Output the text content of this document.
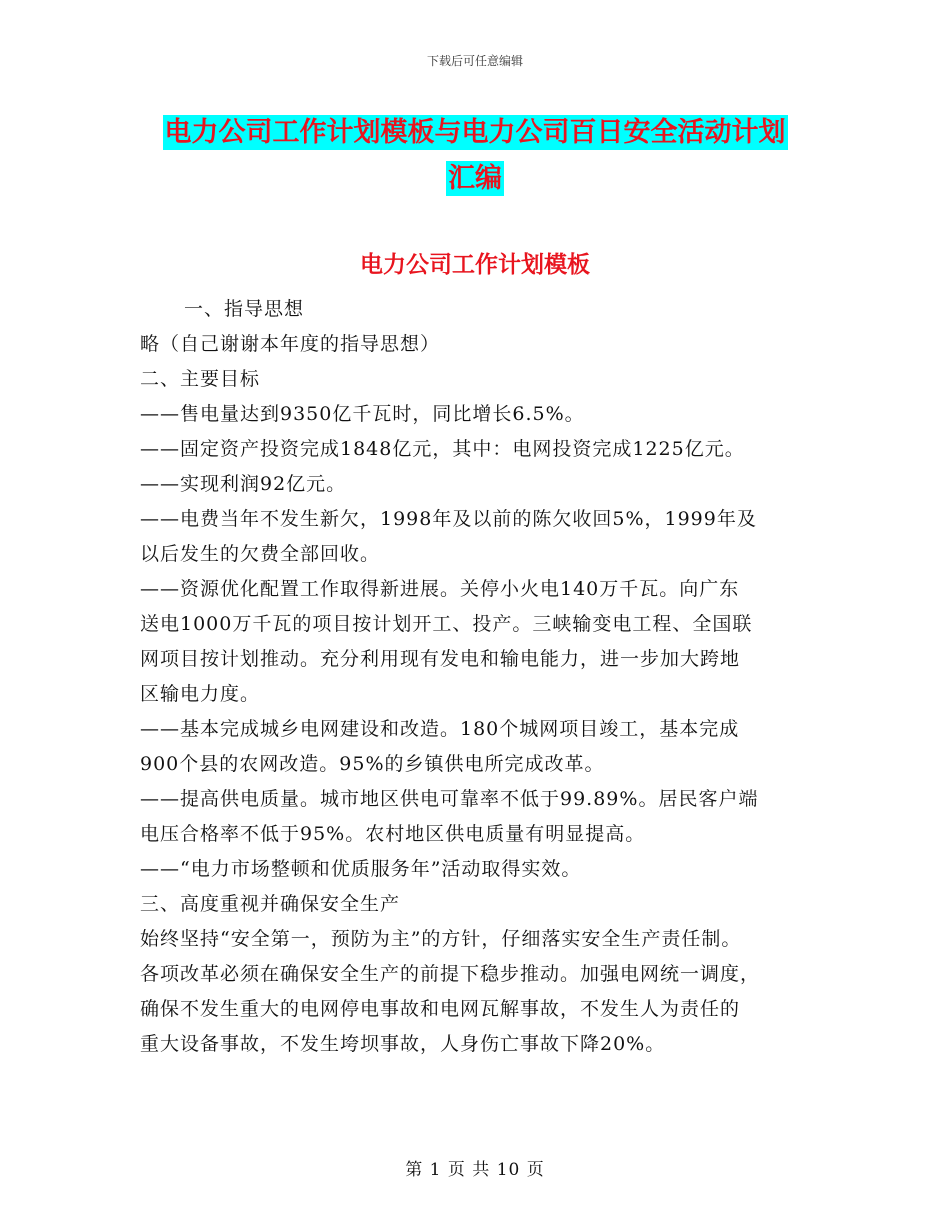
下载后可任意编辑
电力公司工作计划模板与电力公司百日安全活动计划
汇编
电力公司工作计划模板
一、指导思想
略（自己谢谢本年度的指导思想）
二、主要目标
——售电量达到9350亿千瓦时，同比增长6.5%。
——固定资产投资完成1848亿元，其中：电网投资完成1225亿元。
——实现利润92亿元。
——电费当年不发生新欠，1998年及以前的陈欠收回5%，1999年及
以后发生的欠费全部回收。
——资源优化配置工作取得新进展。关停小火电140万千瓦。向广东
送电1000万千瓦的项目按计划开工、投产。三峡输变电工程、全国联
网项目按计划推动。充分利用现有发电和输电能力，进一步加大跨地
区输电力度。
——基本完成城乡电网建设和改造。180个城网项目竣工，基本完成
900个县的农网改造。95%的乡镇供电所完成改革。
——提高供电质量。城市地区供电可靠率不低于99.89%。居民客户端
电压合格率不低于95%。农村地区供电质量有明显提高。
——“电力市场整顿和优质服务年”活动取得实效。
三、高度重视并确保安全生产
始终坚持“安全第一，预防为主”的方针，仔细落实安全生产责任制。
各项改革必须在确保安全生产的前提下稳步推动。加强电网统一调度，
确保不发生重大的电网停电事故和电网瓦解事故，不发生人为责任的
重大设备事故，不发生垮坝事故，人身伤亡事故下降20%。
第 1 页 共 10 页
